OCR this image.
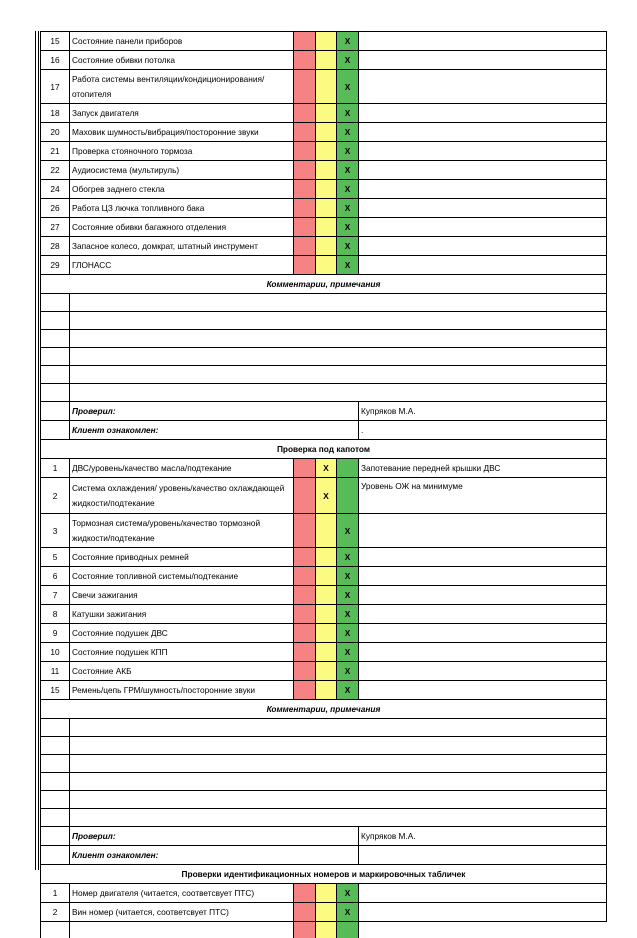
15	Состояние панели приборов			X	
16	Состояние обивки потолка			X	
17	Работа системы вентиляции/кондиционирования/ отопителя			X	
18	Запуск двигателя			X	
20	Маховик шумность/вибрация/посторонние звуки			X	
21	Проверка стояночного тормоза			X	
22	Аудиосистема (мультируль)			X	
24	Обогрев заднего стекла			X	
26	Работа ЦЗ лючка топливного бака			X	
27	Состояние обивки багажного отделения			X	
28	Запасное колесо, домкрат, штатный инструмент			X	
29	ГЛОНАСС			X	
Комментарии, примечания					

	Проверил:				Купряков М.А.
	Клиент ознакомлен:				.
Проверка под капотом					
1	ДВС/уровень/качество масла/подтекание		X		Запотевание передней крышки ДВС
2	Система охлаждения/ уровень/качество охлаждающей жидкости/подтекание		X		Уровень ОЖ на минимуме
3	Тормозная система/уровень/качество тормозной жидкости/подтекание			X	
5	Состояние приводных ремней			X	
6	Состояние топливной системы/подтекание			X	
7	Свечи зажигания			X	
8	Катушки зажигания			X	
9	Состояние подушек ДВС			X	
10	Состояние подушек КПП			X	
11	Состояние АКБ			X	
15	Ремень/цепь ГРМ/шумность/посторонние звуки			X	
Комментарии, примечания					

	Проверил:				Купряков М.А.
	Клиент ознакомлен:				
Проверки идентификационных номеров и маркировочных табличек					
1	Номер двигателя (читается, соответсвует ПТС)			X	
2	Вин номер (читается, соответсвует ПТС)			X	
